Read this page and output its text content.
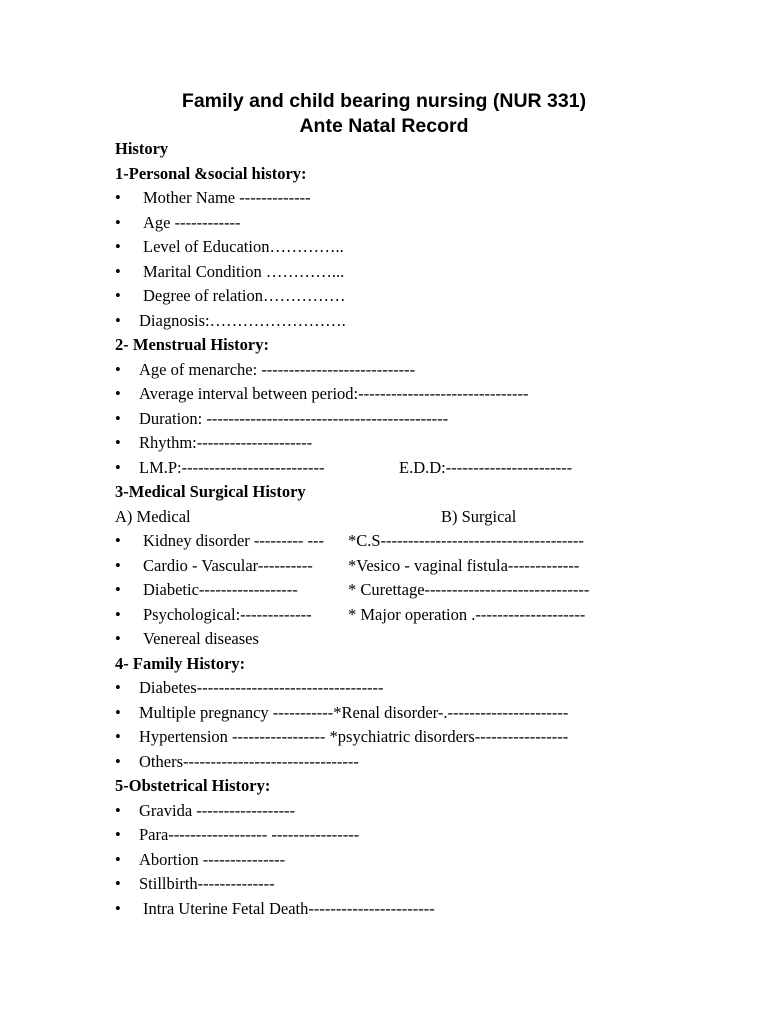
Family and child bearing nursing (NUR 331)
Ante Natal Record
History
1-Personal &social history:
• Mother Name -------------
• Age ------------
• Level of Education…………..
• Marital Condition …………...
• Degree of relation……………
• Diagnosis:…………………….
2- Menstrual History:
• Age of menarche: ----------------------------
• Average interval between period:-------------------------------
• Duration: --------------------------------------------
• Rhythm:---------------------
• LM.P:--------------------------	E.D.D:-----------------------
3-Medical Surgical History
A) Medical	B) Surgical
• Kidney disorder --------- --- *C.S-------------------------------------
• Cardio - Vascular---------- *Vesico - vaginal fistula-------------
• Diabetic------------------	* Curettage------------------------------
• Psychological:------------- * Major operation .--------------------
• Venereal diseases
4- Family History:
• Diabetes----------------------------------
• Multiple pregnancy -----------*Renal disorder-.----------------------
• Hypertension ----------------- *psychiatric disorders-----------------
• Others--------------------------------
5-Obstetrical History:
• Gravida ------------------
• Para------------------ ----------------
• Abortion ---------------
• Stillbirth--------------
• Intra Uterine Fetal Death-----------------------
